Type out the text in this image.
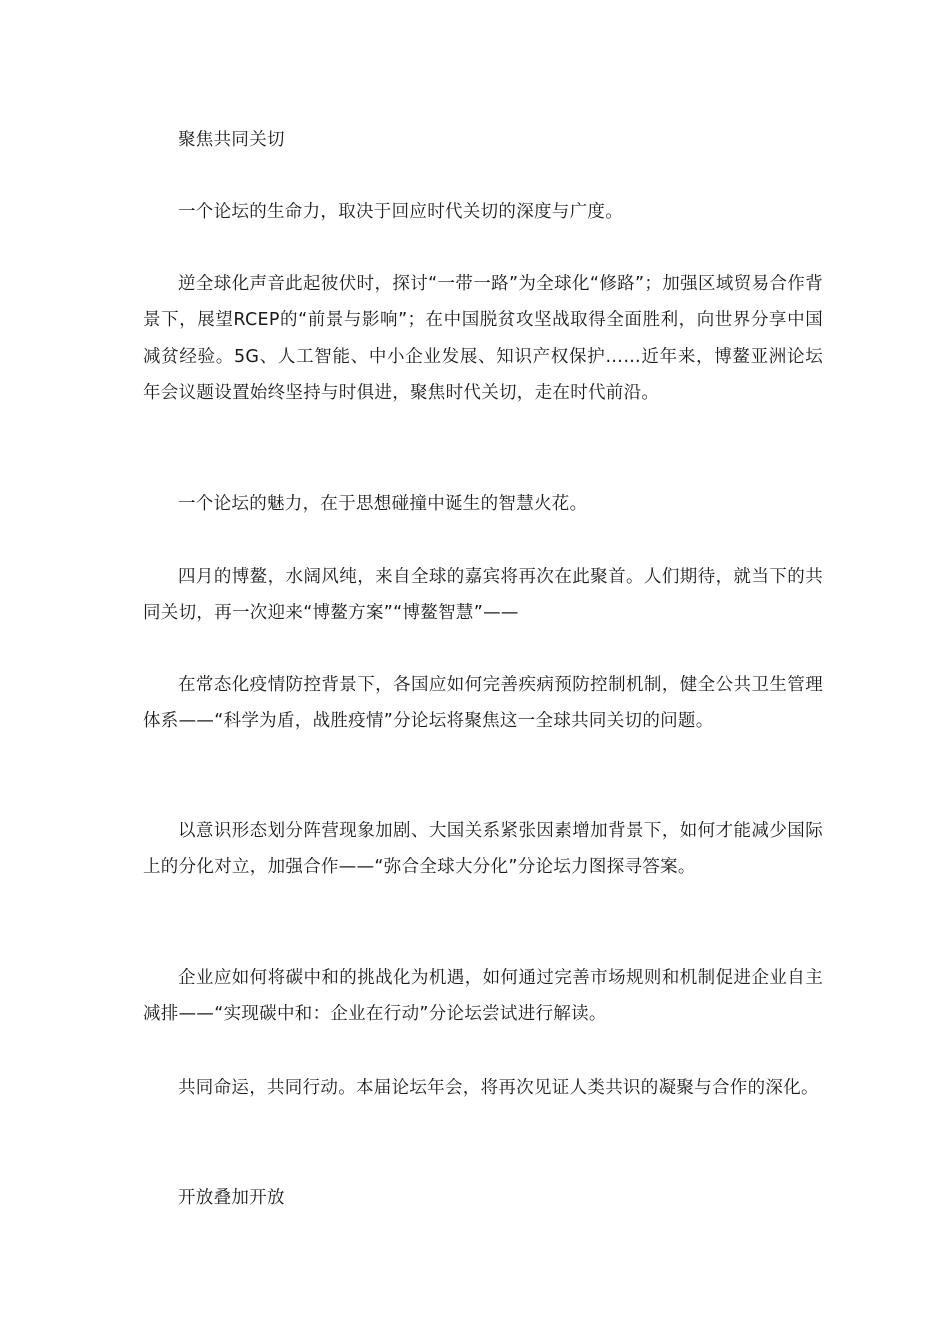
聚焦共同关切

一个论坛的生命力，取决于回应时代关切的深度与广度。

逆全球化声音此起彼伏时，探讨“一带一路”为全球化“修路”；加强区域贸易合作背景下，展望RCEP的“前景与影响”；在中国脱贫攻坚战取得全面胜利，向世界分享中国减贫经验。5G、人工智能、中小企业发展、知识产权保护……近年来，博鳌亚洲论坛年会议题设置始终坚持与时俱进，聚焦时代关切，走在时代前沿。

一个论坛的魅力，在于思想碰撞中诞生的智慧火花。

四月的博鳌，水阔风纯，来自全球的嘉宾将再次在此聚首。人们期待，就当下的共同关切，再一次迎来“博鳌方案”“博鳌智慧”——

在常态化疫情防控背景下，各国应如何完善疾病预防控制机制，健全公共卫生管理体系——“科学为盾，战胜疫情”分论坛将聚焦这一全球共同关切的问题。

以意识形态划分阵营现象加剧、大国关系紧张因素增加背景下，如何才能减少国际上的分化对立，加强合作——“弥合全球大分化”分论坛力图探寻答案。

企业应如何将碳中和的挑战化为机遇，如何通过完善市场规则和机制促进企业自主减排——“实现碳中和：企业在行动”分论坛尝试进行解读。

共同命运，共同行动。本届论坛年会，将再次见证人类共识的凝聚与合作的深化。

开放叠加开放
